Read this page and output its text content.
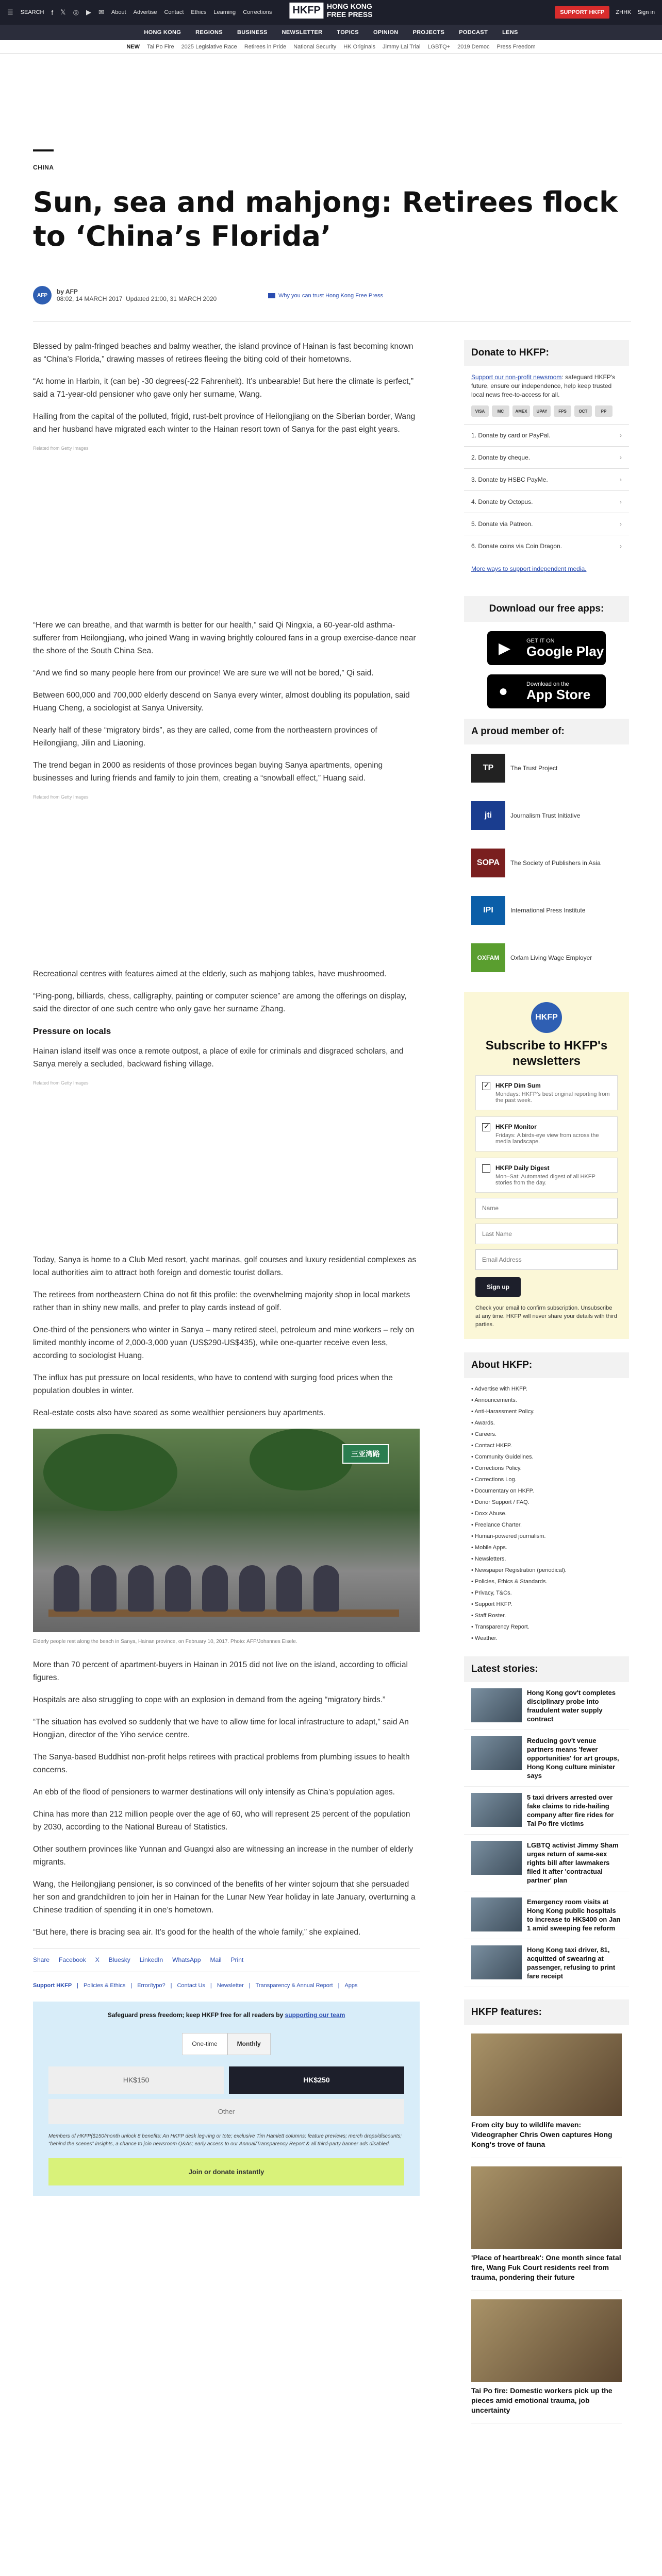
☰ SEARCH f 𝕏 ◎ ▶ ✉ About Advertise Contact Ethics Learning Corrections	HKFP HONG KONG
FREE PRESS	SUPPORT HKFP	ZHHK Sign in
HONG KONG	REGIONS	BUSINESS	NEWSLETTER	TOPICS	OPINION	PROJECTS	PODCAST	LENS
NEW Tai Po Fire 2025 Legislative Race Retirees in Pride National Security HK Originals Jimmy Lai Trial LGBTQ+ 2019 Democ Press Freedom
CHINA
Sun, sea and mahjong: Retirees flock to ‘China’s Florida’
AFP	by AFP
08:02, 14 MARCH 2017 Updated 21:00, 31 MARCH 2020	Why you can trust Hong Kong Free Press

Blessed by palm-fringed beaches and balmy weather, the island province of Hainan is fast becoming known as “China’s Florida,” drawing masses of retirees fleeing the biting cold of their hometowns.

“At home in Harbin, it (can be) -30 degrees(-22 Fahrenheit). It’s unbearable! But here the climate is perfect,” said a 71-year-old pensioner who gave only her surname, Wang.

Hailing from the capital of the polluted, frigid, rust-belt province of Heilongjiang on the Siberian border, Wang and her husband have migrated each winter to the Hainan resort town of Sanya for the past eight years.

Related from Getty Images

“Here we can breathe, and that warmth is better for our health,” said Qi Ningxia, a 60-year-old asthma-sufferer from Heilongjiang, who joined Wang in waving brightly coloured fans in a group exercise-dance near the shore of the South China Sea.

“And we find so many people here from our province! We are sure we will not be bored,” Qi said.

Between 600,000 and 700,000 elderly descend on Sanya every winter, almost doubling its population, said Huang Cheng, a sociologist at Sanya University.

Nearly half of these “migratory birds”, as they are called, come from the northeastern provinces of Heilongjiang, Jilin and Liaoning.

The trend began in 2000 as residents of those provinces began buying Sanya apartments, opening businesses and luring friends and family to join them, creating a “snowball effect,” Huang said.

Related from Getty Images

Recreational centres with features aimed at the elderly, such as mahjong tables, have mushroomed.

“Ping-pong, billiards, chess, calligraphy, painting or computer science” are among the offerings on display, said the director of one such centre who only gave her surname Zhang.

Pressure on locals

Hainan island itself was once a remote outpost, a place of exile for criminals and disgraced scholars, and Sanya merely a secluded, backward fishing village.

Related from Getty Images

Today, Sanya is home to a Club Med resort, yacht marinas, golf courses and luxury residential complexes as local authorities aim to attract both foreign and domestic tourist dollars.

The retirees from northeastern China do not fit this profile: the overwhelming majority shop in local markets rather than in shiny new malls, and prefer to play cards instead of golf.

One-third of the pensioners who winter in Sanya – many retired steel, petroleum and mine workers – rely on limited monthly income of 2,000-3,000 yuan (US$290-US$435), while one-quarter receive even less, according to sociologist Huang.

The influx has put pressure on local residents, who have to contend with surging food prices when the population doubles in winter.

Real-estate costs also have soared as some wealthier pensioners buy apartments.

三亚湾路
Elderly people rest along the beach in Sanya, Hainan province, on February 10, 2017. Photo: AFP/Johannes Eisele.

More than 70 percent of apartment-buyers in Hainan in 2015 did not live on the island, according to official figures.

Hospitals are also struggling to cope with an explosion in demand from the ageing “migratory birds.”

“The situation has evolved so suddenly that we have to allow time for local infrastructure to adapt,” said An Hongjian, director of the Yiho service centre.

The Sanya-based Buddhist non-profit helps retirees with practical problems from plumbing issues to health concerns.

An ebb of the flood of pensioners to warmer destinations will only intensify as China’s population ages.

China has more than 212 million people over the age of 60, who will represent 25 percent of the population by 2030, according to the National Bureau of Statistics.

Other southern provinces like Yunnan and Guangxi also are witnessing an increase in the number of elderly migrants.

Wang, the Heilongjiang pensioner, is so convinced of the benefits of her winter sojourn that she persuaded her son and grandchildren to join her in Hainan for the Lunar New Year holiday in late January, overturning a Chinese tradition of spending it in one’s hometown.

“But here, there is bracing sea air. It’s good for the health of the whole family,” she explained.

Share Facebook X Bluesky LinkedIn WhatsApp Mail Print
Support HKFP | Policies & Ethics | Error/typo? | Contact Us | Newsletter | Transparency & Annual Report | Apps
Safeguard press freedom; keep HKFP free for all readers by supporting our team
One-time	Monthly
HK$150	HK$250
Other
Members of HKFP($150/month unlock 8 benefits: An HKFP desk leg-ring or tote; exclusive Tim Hamlett columns; feature previews; merch drops/discounts; “behind the scenes” insights, a chance to join newsroom Q&As; early access to our Annual/Transparency Report & all third-party banner ads disabled.
Join or donate instantly
Donate to HKFP:
Support our non-profit newsroom: safeguard HKFP's future, ensure our independence, help keep trusted local news free-to-access for all.
VISA	MC	AMEX	UPAY	FPS	OCT	PP
1. Donate by card or PayPal.	›
2. Donate by cheque.	›
3. Donate by HSBC PayMe.	›
4. Donate by Octopus.	›
5. Donate via Patreon.	›
6. Donate coins via Coin Dragon.	›
More ways to support independent media.
Download our free apps:
▶	GET IT ON
Google Play
●	Download on the
App Store
A proud member of:
TP	The Trust Project
jti	Journalism Trust Initiative
SOPA	The Society of Publishers in Asia
IPI	International Press Institute
OXFAM	Oxfam Living Wage Employer
HKFP
Subscribe to HKFP's newsletters
✓
HKFP Dim Sum
Mondays: HKFP's best original reporting from the past week.
✓
HKFP Monitor
Fridays: A birds-eye view from across the media landscape.
HKFP Daily Digest
Mon–Sat: Automated digest of all HKFP stories from the day.
Name Last Name Email Address Sign up
Check your email to confirm subscription. Unsubscribe at any time. HKFP will never share your details with third parties.
About HKFP:
• Advertise with HKFP.
• Announcements.
• Anti-Harassment Policy.
• Awards.
• Careers.
• Contact HKFP.
• Community Guidelines.
• Corrections Policy.
• Corrections Log.
• Documentary on HKFP.
• Donor Support / FAQ.
• Doxx Abuse.
• Freelance Charter.
• Human-powered journalism.
• Mobile Apps.
• Newsletters.
• Newspaper Registration (periodical).
• Policies, Ethics & Standards.
• Privacy, T&Cs.
• Support HKFP.
• Staff Roster.
• Transparency Report.
• Weather.
Latest stories:
Hong Kong gov't completes disciplinary probe into fraudulent water supply contract
Reducing gov't venue partners means 'fewer opportunities' for art groups, Hong Kong culture minister says
5 taxi drivers arrested over fake claims to ride-hailing company after fire rides for Tai Po fire victims
LGBTQ activist Jimmy Sham urges return of same-sex rights bill after lawmakers filed it after 'contractual partner' plan
Emergency room visits at Hong Kong public hospitals to increase to HK$400 on Jan 1 amid sweeping fee reform
Hong Kong taxi driver, 81, acquitted of swearing at passenger, refusing to print fare receipt
HKFP features:
From city buy to wildlife maven: Videographer Chris Owen captures Hong Kong's trove of fauna
'Place of heartbreak': One month since fatal fire, Wang Fuk Court residents reel from trauma, pondering their future
Tai Po fire: Domestic workers pick up the pieces amid emotional trauma, job uncertainty
